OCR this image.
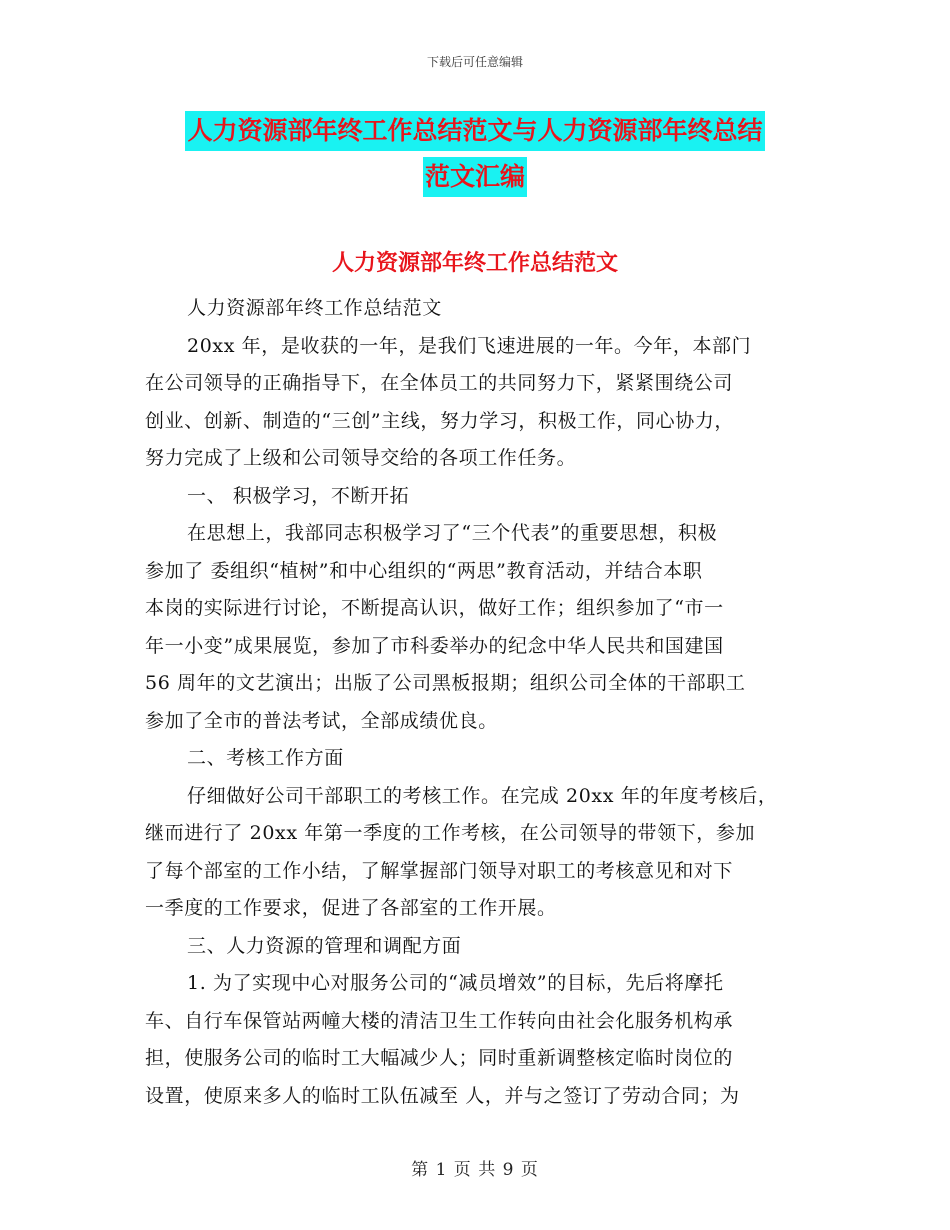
下载后可任意编辑
人力资源部年终工作总结范文与人力资源部年终总结
范文汇编
人力资源部年终工作总结范文
人力资源部年终工作总结范文
20xx 年，是收获的一年，是我们飞速进展的一年。今年，本部门
在公司领导的正确指导下，在全体员工的共同努力下，紧紧围绕公司
创业、创新、制造的“三创”主线，努力学习，积极工作，同心协力，
努力完成了上级和公司领导交给的各项工作任务。
一、 积极学习，不断开拓
在思想上，我部同志积极学习了“三个代表”的重要思想，积极
参加了 委组织“植树”和中心组织的“两思”教育活动，并结合本职
本岗的实际进行讨论，不断提高认识，做好工作；组织参加了“市一
年一小变”成果展览，参加了市科委举办的纪念中华人民共和国建国
56 周年的文艺演出；出版了公司黑板报期；组织公司全体的干部职工
参加了全市的普法考试，全部成绩优良。
二、考核工作方面
仔细做好公司干部职工的考核工作。在完成 20xx 年的年度考核后，
继而进行了 20xx 年第一季度的工作考核，在公司领导的带领下，参加
了每个部室的工作小结，了解掌握部门领导对职工的考核意见和对下
一季度的工作要求，促进了各部室的工作开展。
三、人力资源的管理和调配方面
1. 为了实现中心对服务公司的“减员增效”的目标，先后将摩托
车、自行车保管站两幢大楼的清洁卫生工作转向由社会化服务机构承
担，使服务公司的临时工大幅减少人；同时重新调整核定临时岗位的
设置，使原来多人的临时工队伍减至 人，并与之签订了劳动合同；为
第 1 页 共 9 页
